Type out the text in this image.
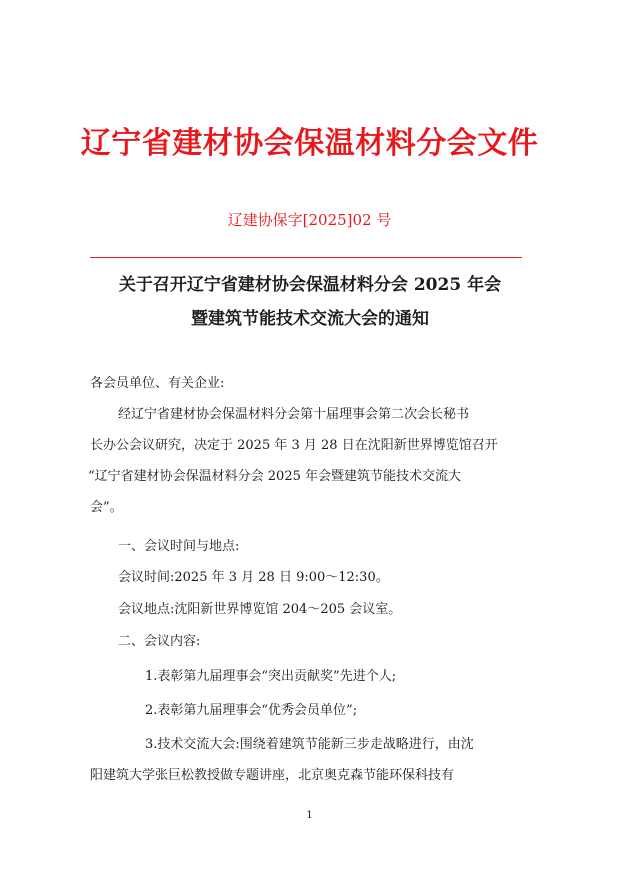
辽宁省建材协会保温材料分会文件
辽建协保字[2025]02 号
关于召开辽宁省建材协会保温材料分会 2025 年会
暨建筑节能技术交流大会的通知
各会员单位、有关企业:
经辽宁省建材协会保温材料分会第十届理事会第二次会长秘书
长办公会议研究，决定于 2025 年 3 月 28 日在沈阳新世界博览馆召开
“辽宁省建材协会保温材料分会 2025 年会暨建筑节能技术交流大
会”。
一、会议时间与地点:
会议时间:2025 年 3 月 28 日 9:00～12:30。
会议地点:沈阳新世界博览馆 204～205 会议室。
二、会议内容:
1.表彰第九届理事会“突出贡献奖”先进个人;
2.表彰第九届理事会“优秀会员单位”;
3.技术交流大会:围绕着建筑节能新三步走战略进行，由沈
阳建筑大学张巨松教授做专题讲座，北京奥克森节能环保科技有
1
